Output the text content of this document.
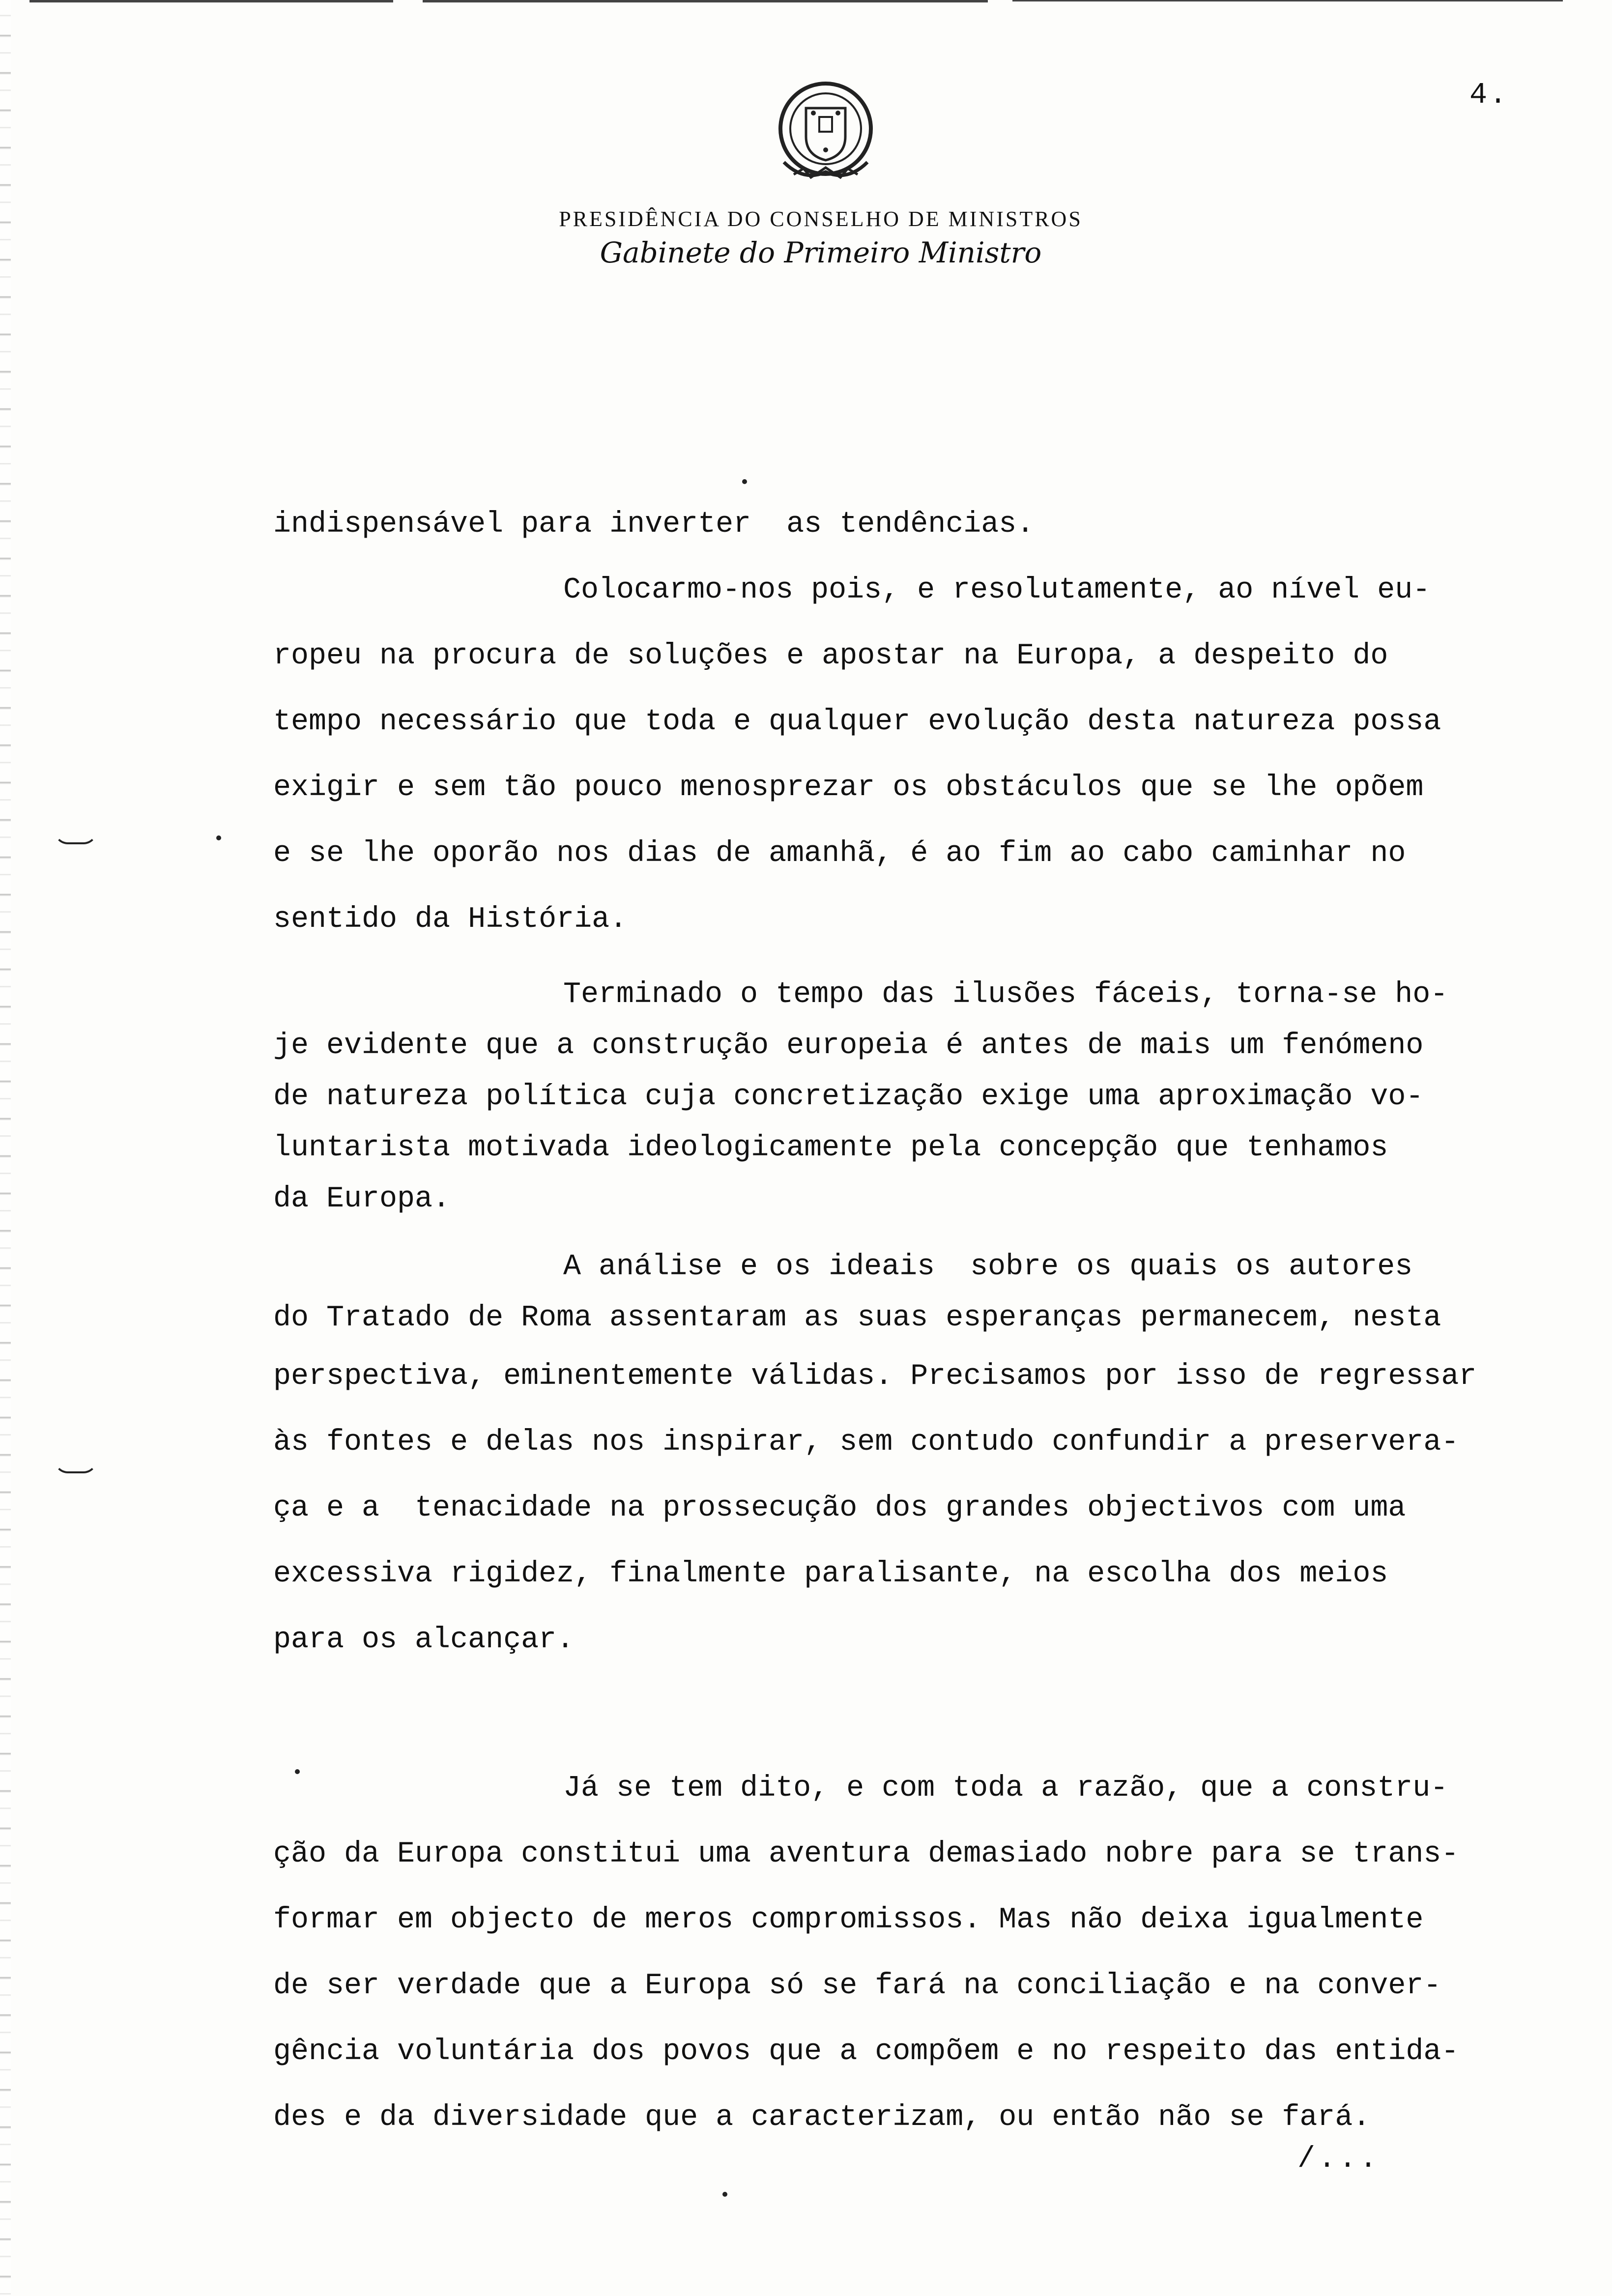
4.
PRESIDÊNCIA DO CONSELHO DE MINISTROS
Gabinete do Primeiro Ministro
indispensável para inverter  as tendências.
Colocarmo-nos pois, e resolutamente, ao nível eu-
ropeu na procura de soluções e apostar na Europa, a despeito do
tempo necessário que toda e qualquer evolução desta natureza possa
exigir e sem tão pouco menosprezar os obstáculos que se lhe opõem
e se lhe oporão nos dias de amanhã, é ao fim ao cabo caminhar no
sentido da História.
Terminado o tempo das ilusões fáceis, torna-se ho-
je evidente que a construção europeia é antes de mais um fenómeno
de natureza política cuja concretização exige uma aproximação vo-
luntarista motivada ideologicamente pela concepção que tenhamos
da Europa.
A análise e os ideais  sobre os quais os autores
do Tratado de Roma assentaram as suas esperanças permanecem, nesta
perspectiva, eminentemente válidas. Precisamos por isso de regressar
às fontes e delas nos inspirar, sem contudo confundir a preservera-
ça e a  tenacidade na prossecução dos grandes objectivos com uma
excessiva rigidez, finalmente paralisante, na escolha dos meios
para os alcançar.
Já se tem dito, e com toda a razão, que a constru-
ção da Europa constitui uma aventura demasiado nobre para se trans-
formar em objecto de meros compromissos. Mas não deixa igualmente
de ser verdade que a Europa só se fará na conciliação e na conver-
gência voluntária dos povos que a compõem e no respeito das entida-
des e da diversidade que a caracterizam, ou então não se fará.
/...
